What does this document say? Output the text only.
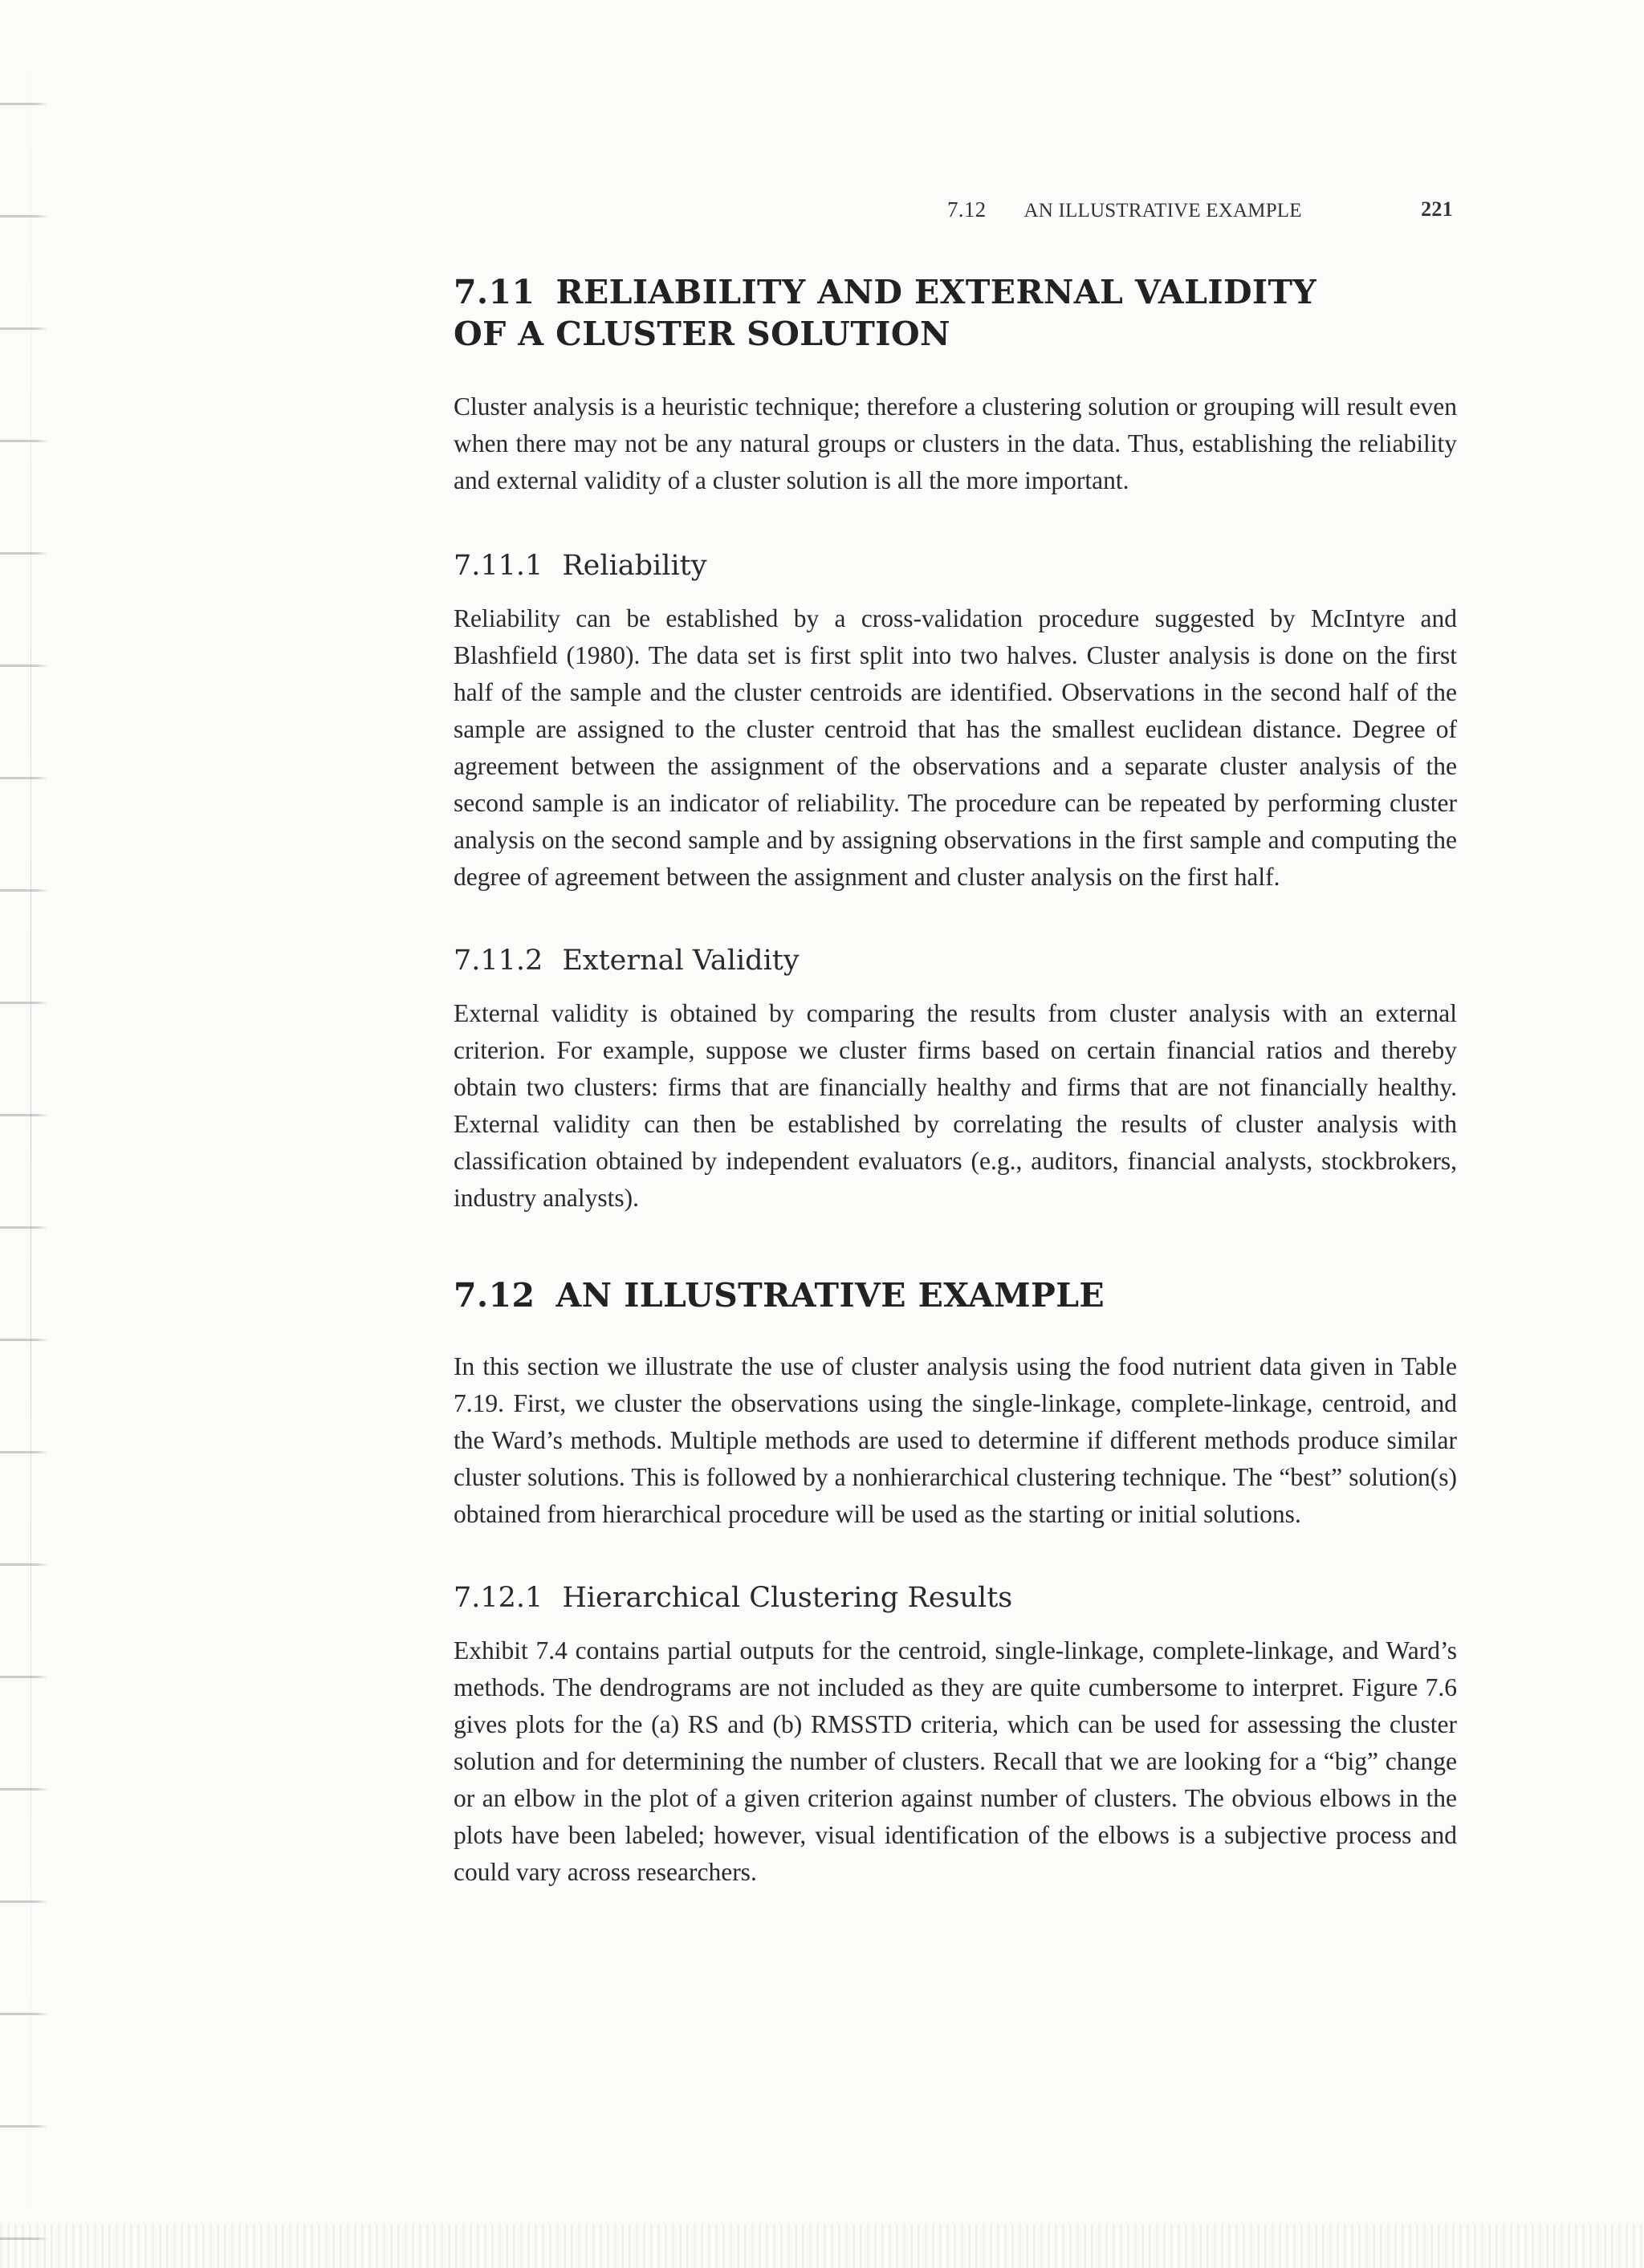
7.12 AN ILLUSTRATIVE EXAMPLE	221
7.11 RELIABILITY AND EXTERNAL VALIDITY
OF A CLUSTER SOLUTION

Cluster analysis is a heuristic technique; therefore a clustering solution or grouping will result even when there may not be any natural groups or clusters in the data. Thus, establishing the reliability and external validity of a cluster solution is all the more important.

7.11.1 Reliability

Reliability can be established by a cross-validation procedure suggested by McIntyre and Blashfield (1980). The data set is first split into two halves. Cluster analysis is done on the first half of the sample and the cluster centroids are identified. Observations in the second half of the sample are assigned to the cluster centroid that has the smallest euclidean distance. Degree of agreement between the assignment of the observations and a separate cluster analysis of the second sample is an indicator of reliability. The procedure can be repeated by performing cluster analysis on the second sample and by assigning observations in the first sample and computing the degree of agreement between the assignment and cluster analysis on the first half.

7.11.2 External Validity

External validity is obtained by comparing the results from cluster analysis with an external criterion. For example, suppose we cluster firms based on certain financial ratios and thereby obtain two clusters: firms that are financially healthy and firms that are not financially healthy. External validity can then be established by correlating the results of cluster analysis with classification obtained by independent evaluators (e.g., auditors, financial analysts, stockbrokers, industry analysts).

7.12 AN ILLUSTRATIVE EXAMPLE

In this section we illustrate the use of cluster analysis using the food nutrient data given in Table 7.19. First, we cluster the observations using the single-linkage, complete-linkage, centroid, and the Ward’s methods. Multiple methods are used to determine if different methods produce similar cluster solutions. This is followed by a nonhierarchical clustering technique. The “best” solution(s) obtained from hierarchical procedure will be used as the starting or initial solutions.

7.12.1 Hierarchical Clustering Results

Exhibit 7.4 contains partial outputs for the centroid, single-linkage, complete-linkage, and Ward’s methods. The dendrograms are not included as they are quite cumbersome to interpret. Figure 7.6 gives plots for the (a) RS and (b) RMSSTD criteria, which can be used for assessing the cluster solution and for determining the number of clusters. Recall that we are looking for a “big” change or an elbow in the plot of a given criterion against number of clusters. The obvious elbows in the plots have been labeled; however, visual identification of the elbows is a subjective process and could vary across researchers.
